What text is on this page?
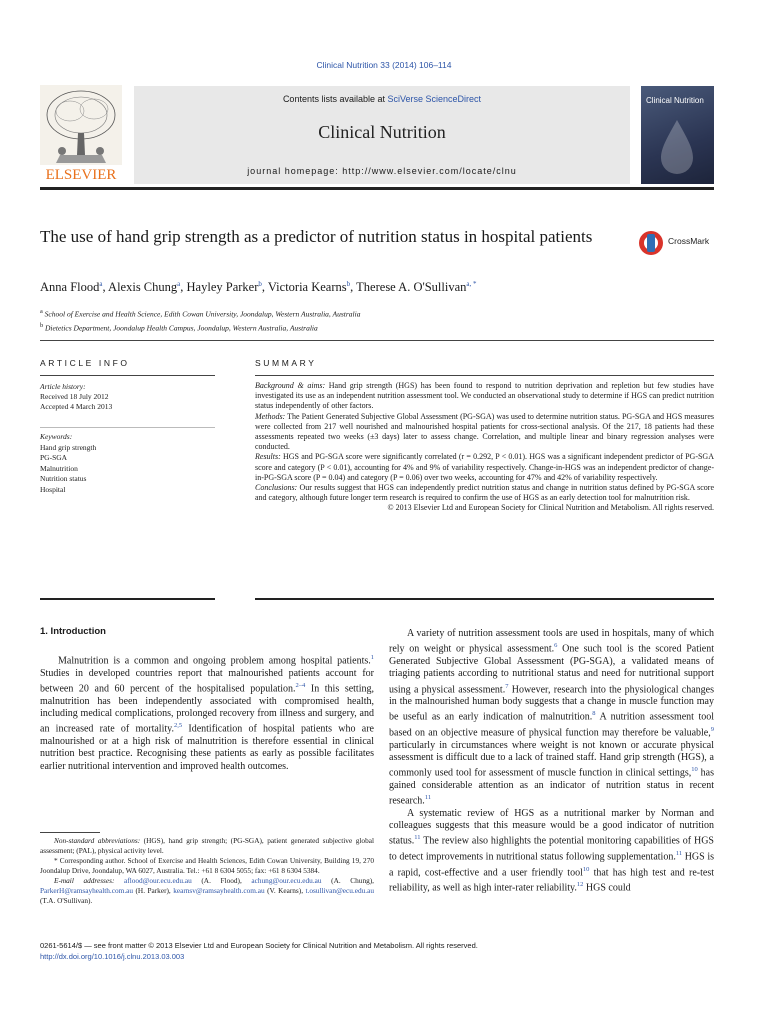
Clinical Nutrition 33 (2014) 106–114
ELSEVIER
Contents lists available at SciVerse ScienceDirect
Clinical Nutrition
journal homepage: http://www.elsevier.com/locate/clnu
Clinical Nutrition
The use of hand grip strength as a predictor of nutrition status in hospital patients	CrossMark
Anna Flood$^a$, Alexis Chung$^a$, Hayley Parker$^b$, Victoria Kearns$^b$, Therese A. O'Sullivan$^{a, *}$
$^a$ School of Exercise and Health Science, Edith Cowan University, Joondalup, Western Australia, Australia
$^b$ Dietetics Department, Joondalup Health Campus, Joondalup, Western Australia, Australia
ARTICLE INFO
Article history:
Received 18 July 2012
Accepted 4 March 2013
Keywords:
Hand grip strength
PG-SGA
Malnutrition
Nutrition status
Hospital
SUMMARY

Background & aims: Hand grip strength (HGS) has been found to respond to nutrition deprivation and repletion but few studies have investigated its use as an independent nutrition assessment tool. We conducted an observational study to determine if HGS can predict nutrition status independently of other factors.

Methods: The Patient Generated Subjective Global Assessment (PG-SGA) was used to determine nutrition status. PG-SGA and HGS measures were collected from 217 well nourished and malnourished hospital patients for cross-sectional analysis. Of the 217, 18 patients had these assessments repeated two weeks (±3 days) later to assess change. Correlation, and multiple linear and binary regression analyses were conducted.

Results: HGS and PG-SGA score were significantly correlated (r = 0.292, P < 0.01). HGS was a significant independent predictor of PG-SGA score and category (P < 0.01), accounting for 4% and 9% of variability respectively. Change-in-HGS was an independent predictor of change-in-PG-SGA score (P = 0.04) and category (P = 0.06) over two weeks, accounting for 47% and 42% of variability respectively.

Conclusions: Our results suggest that HGS can independently predict nutrition status and change in nutrition status defined by PG-SGA score and category, although future longer term research is required to confirm the use of HGS as an early detection tool for malnutrition risk.

© 2013 Elsevier Ltd and European Society for Clinical Nutrition and Metabolism. All rights reserved.

1. Introduction

Malnutrition is a common and ongoing problem among hospital patients.$^1$ Studies in developed countries report that malnourished patients account for between 20 and 60 percent of the hospitalised population.$^{2-4}$ In this setting, malnutrition has been independently associated with compromised health, including medical complications, prolonged recovery from illness and surgery, and an increased rate of mortality.$^{2,5}$ Identification of hospital patients who are malnourished or at a high risk of malnutrition is therefore essential in clinical nutrition best practice. Recognising these patients as early as possible facilitates earlier nutritional intervention and improved health outcomes.

A variety of nutrition assessment tools are used in hospitals, many of which rely on weight or physical assessment.$^6$ One such tool is the scored Patient Generated Subjective Global Assessment (PG-SGA), a validated means of triaging patients according to nutritional status and need for nutritional support using a physical assessment.$^7$ However, research into the physiological changes in the malnourished human body suggests that a change in muscle function may be useful as an early indication of malnutrition.$^8$ A nutrition assessment tool based on an objective measure of physical function may therefore be valuable,$^9$ particularly in circumstances where weight is not known or accurate physical assessment is difficult due to a lack of trained staff. Hand grip strength (HGS), a commonly used tool for assessment of muscle function in clinical settings,$^{10}$ has gained considerable attention as an indicator of nutrition status in recent research.$^{11}$

A systematic review of HGS as a nutritional marker by Norman and colleagues suggests that this measure would be a good indicator of nutrition status.$^{11}$ The review also highlights the potential monitoring capabilities of HGS to detect improvements in nutritional status following supplementation.$^{11}$ HGS is a rapid, cost-effective and a user friendly tool$^{10}$ that has high test and re-test reliability, as well as high inter-rater reliability.$^{12}$ HGS could

Non-standard abbreviations: (HGS), hand grip strength; (PG-SGA), patient generated subjective global assessment; (PAL), physical activity level.

* Corresponding author. School of Exercise and Health Sciences, Edith Cowan University, Building 19, 270 Joondalup Drive, Joondalup, WA 6027, Australia. Tel.: +61 8 6304 5055; fax: +61 8 6304 5384.

E-mail addresses: aflood@our.ecu.edu.au (A. Flood), achung@our.ecu.edu.au (A. Chung), ParkerH@ramsayhealth.com.au (H. Parker), kearnsv@ramsayhealth.com.au (V. Kearns), t.osullivan@ecu.edu.au (T.A. O'Sullivan).

0261-5614/$ — see front matter © 2013 Elsevier Ltd and European Society for Clinical Nutrition and Metabolism. All rights reserved.
http://dx.doi.org/10.1016/j.clnu.2013.03.003
